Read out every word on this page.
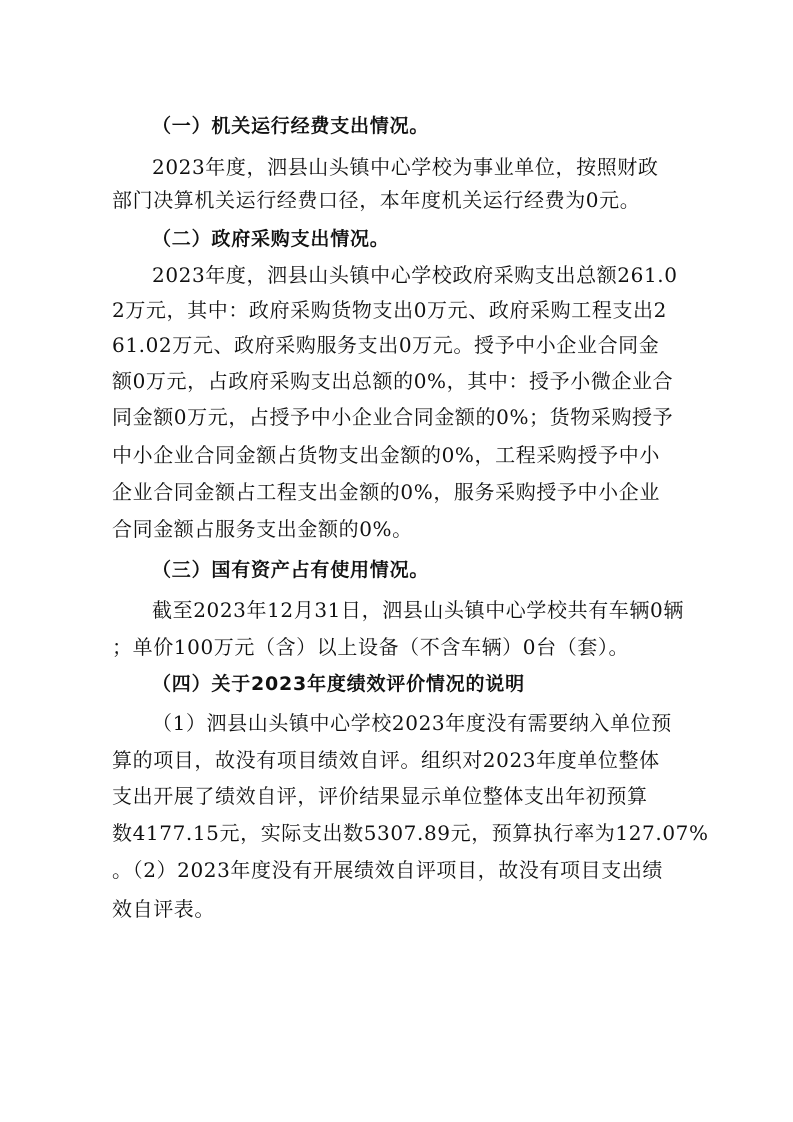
（一）机关运行经费支出情况。
2023年度，泗县山头镇中心学校为事业单位，按照财政
部门决算机关运行经费口径，本年度机关运行经费为0元。
（二）政府采购支出情况。
2023年度，泗县山头镇中心学校政府采购支出总额261.0
2万元，其中：政府采购货物支出0万元、政府采购工程支出2
61.02万元、政府采购服务支出0万元。授予中小企业合同金
额0万元，占政府采购支出总额的0%，其中：授予小微企业合
同金额0万元，占授予中小企业合同金额的0%；货物采购授予
中小企业合同金额占货物支出金额的0%，工程采购授予中小
企业合同金额占工程支出金额的0%，服务采购授予中小企业
合同金额占服务支出金额的0%。
（三）国有资产占有使用情况。
截至2023年12月31日，泗县山头镇中心学校共有车辆0辆
；单价100万元（含）以上设备（不含车辆）0台（套）。
（四）关于2023年度绩效评价情况的说明
（1）泗县山头镇中心学校2023年度没有需要纳入单位预
算的项目，故没有项目绩效自评。组织对2023年度单位整体
支出开展了绩效自评，评价结果显示单位整体支出年初预算
数4177.15元，实际支出数5307.89元，预算执行率为127.07%
。（2）2023年度没有开展绩效自评项目，故没有项目支出绩
效自评表。
